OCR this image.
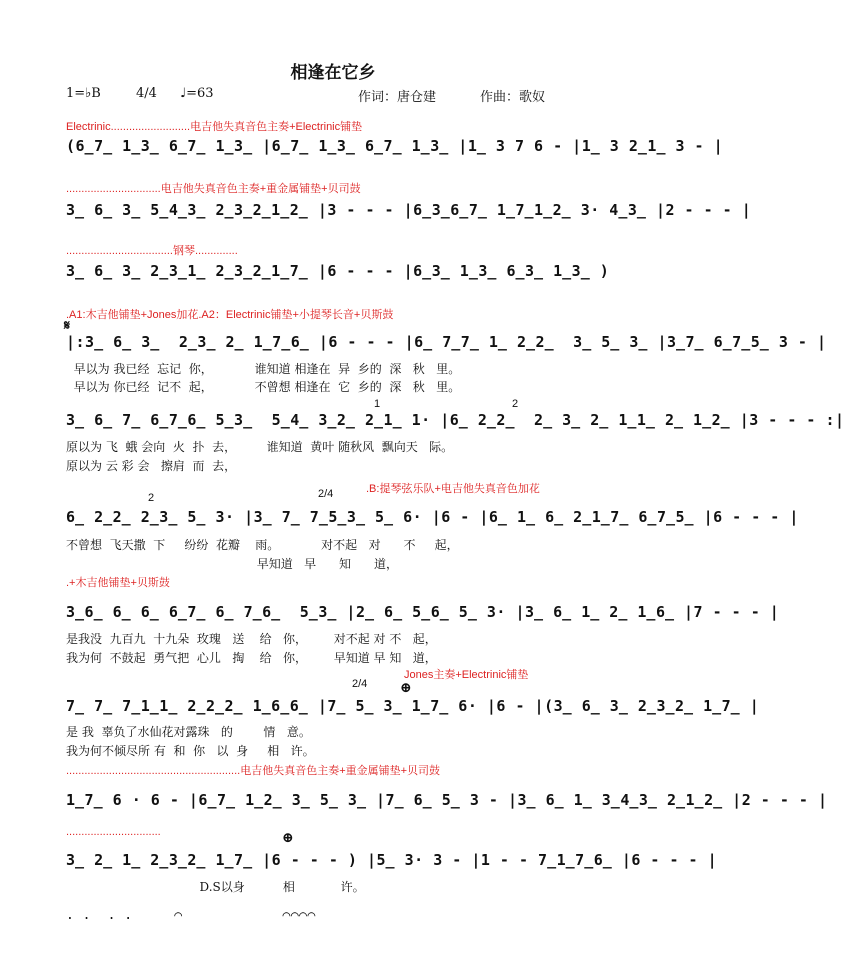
相逢在它乡
1=♭B	4/4 ♩=63	作词：唐仓建	作曲：歌奴
Electrinic..........................电吉他失真音色主奏+Electrinic铺垫
(6̲7̲ 1̲3̲ 6̲7̲ 1̲3̲ |6̲7̲ 1̲3̲ 6̲7̲ 1̲3̲ |1̲ 3 7 6 - |1̲ 3 2̲1̲ 3 - |
...............................电吉他失真音色主奏+重金属铺垫+贝司鼓
3̲ 6̲ 3̲ 5̲4̲3̲ 2̲3̲2̲1̲2̲ |3 - - - |6̲3̲6̲7̲ 1̲7̲1̲2̲ 3· 4̲3̲ |2 - - - |
...................................钢琴..............
3̲ 6̲ 3̲ 2̲3̲1̲ 2̲3̲2̲1̲7̲ |6 - - - |6̲3̲ 1̲3̲ 6̲3̲ 1̲3̲ )
.A1:木吉他铺垫+Jones加花.A2：Electrinic铺垫+小提琴长音+贝斯鼓
𝄋
|:3̲ 6̲ 3̲  2̲3̲ 2̲ 1̲7̲6̲ |6 - - - |6̲ 7̲7̲ 1̲ 2̲2̲  3̲ 5̲ 3̲ |3̲7̲ 6̲7̲5̲ 3 - |
早以为 我已经  忘记  你，           谁知道 相逢在  异  乡的  深   秋   里。
早以为 你已经  记不  起，           不曾想 相逢在  它  乡的  深   秋   里。
1	2
3̲ 6̲ 7̲ 6̲7̲6̲ 5̲3̲  5̲4̲ 3̲2̲ 2̲1̲ 1· |6̲ 2̲2̲  2̲ 3̲ 2̲ 1̲1̲ 2̲ 1̲2̲ |3 - - - :|
原以为 飞  蛾 会向  火  扑  去，        谁知道  黄叶 随秋风  飘向天   际。
原以为 云 彩 会   擦肩  而  去，
.B:提琴弦乐队+电吉他失真音色加花
2	2/4
6̲ 2̲2̲ 2̲3̲ 5̲ 3· |3̲ 7̲ 7̲5̲3̲ 5̲ 6· |6 - |6̲ 1̲ 6̲ 2̲1̲7̲ 6̲7̲5̲ |6 - - - |
不曾想  飞天撒  下     纷纷  花瓣    雨。           对不起   对      不     起，
早知道   早      知      道，
.+木吉他铺垫+贝斯鼓
3̲6̲ 6̲ 6̲ 6̲7̲ 6̲ 7̲6̲  5̲3̲ |2̲ 6̲ 5̲6̲ 5̲ 3· |3̲ 6̲ 1̲ 2̲ 1̲6̲ |7 - - - |
是我没  九百九  十九朵  玫瑰   送    给   你，       对不起 对 不   起，
我为何  不鼓起  勇气把  心儿   掏    给   你，       早知道 早 知   道，
Jones主奏+Electrinic铺垫
⊕
2/4
7̲ 7̲ 7̲1̲1̲ 2̲2̲2̲ 1̲6̲6̲ |7̲ 5̲ 3̲ 1̲7̲ 6· |6 - |(3̲ 6̲ 3̲ 2̲3̲2̲ 1̲7̲ |
是 我  辜负了水仙花对露珠   的        情   意。
我为何不倾尽所 有  和  你   以  身     相   许。
.........................................................电吉他失真音色主奏+重金属铺垫+贝司鼓
1̲7̲ 6 · 6 - |6̲7̲ 1̲2̲ 3̲ 5̲ 3̲ |7̲ 6̲ 5̲ 3 - |3̲ 6̲ 1̲ 3̲4̲3̲ 2̲1̲2̲ |2 - - - |
...............................	⊕
3̲ 2̲ 1̲ 2̲3̲2̲ 1̲7̲ |6 - - - ) |5̲ 3· 3 - |1 - - 7̲1̲7̲6̲ |6 - - - |
D.S以身          相            许。
. .  . .     ⌒            ⌒⌒⌒⌒
